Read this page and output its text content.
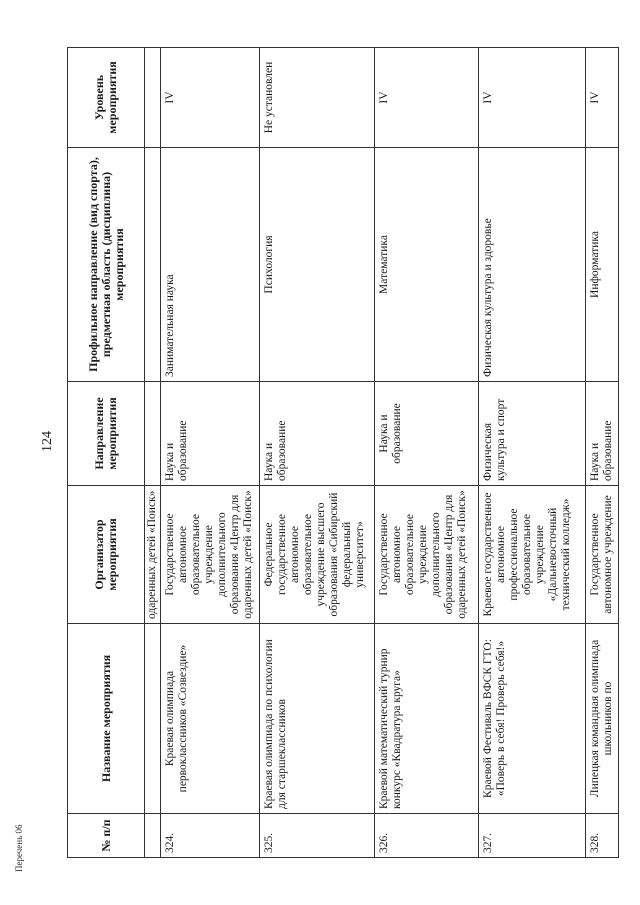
124
№ п/п	Название мероприятия	Организатор мероприятия	Направление мероприятия	Профильное направление (вид спорта), предметная область (дисциплина) мероприятия	Уровень мероприятия
		одаренных детей «Поиск»			
324.	Краевая олимпиада первоклассников «Созвездие»	Государственное автономное образовательное учреждение дополнительного образования «Центр для одаренных детей «Поиск»	Наука и образование	Занимательная наука	IV
325.	Краевая олимпиада по психологии для старшеклассников	Федеральное государственное автономное образовательное учреждение высшего образования «Сибирский федеральный университет»	Наука и образование	Психология	Не установлен
326.	Краевой математический турнир конкурс «Квадратура круга»	Государственное автономное образовательное учреждение дополнительного образования «Центр для одаренных детей «Поиск»	Наука и образование	Математика	IV
327.	Краевой Фестиваль ВФСК ГТО: «Поверь в себя! Проверь себя!»	Краевое государственное автономное профессиональное образовательное учреждение «Дальневосточный технический колледж»	Физическая культура и спорт	Физическая культура и здоровье	IV
328.	Липецкая командная олимпиада школьников по	Государственное автономное учреждение	Наука и образование	Информатика	IV
Перечень 06
